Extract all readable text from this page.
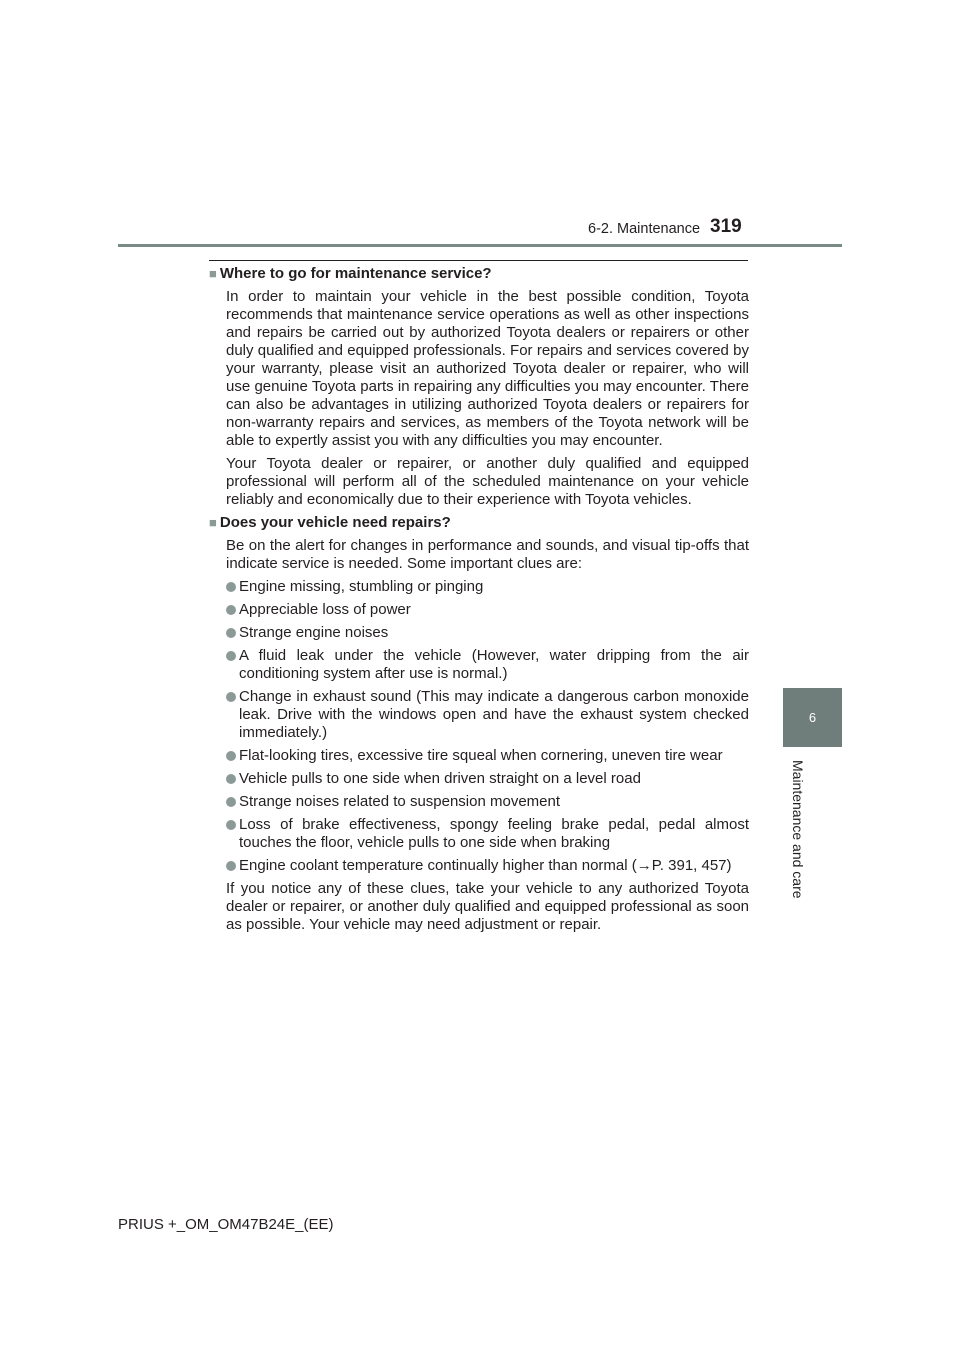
6-2. Maintenance 319
6
Maintenance and care
■ Where to go for maintenance service?

In order to maintain your vehicle in the best possible condition, Toyota recommends that maintenance service operations as well as other inspections and repairs be carried out by authorized Toyota dealers or repairers or other duly qualified and equipped professionals. For repairs and services covered by your warranty, please visit an authorized Toyota dealer or repairer, who will use genuine Toyota parts in repairing any difficulties you may encounter. There can also be advantages in utilizing authorized Toyota dealers or repairers for non-warranty repairs and services, as members of the Toyota network will be able to expertly assist you with any difficulties you may encounter.

Your Toyota dealer or repairer, or another duly qualified and equipped professional will perform all of the scheduled maintenance on your vehicle reliably and economically due to their experience with Toyota vehicles.

■ Does your vehicle need repairs?

Be on the alert for changes in performance and sounds, and visual tip-offs that indicate service is needed. Some important clues are:

Engine missing, stumbling or pinging
Appreciable loss of power
Strange engine noises
A fluid leak under the vehicle (However, water dripping from the air conditioning system after use is normal.)
Change in exhaust sound (This may indicate a dangerous carbon monoxide leak. Drive with the windows open and have the exhaust system checked immediately.)
Flat-looking tires, excessive tire squeal when cornering, uneven tire wear
Vehicle pulls to one side when driven straight on a level road
Strange noises related to suspension movement
Loss of brake effectiveness, spongy feeling brake pedal, pedal almost touches the floor, vehicle pulls to one side when braking
Engine coolant temperature continually higher than normal (→P. 391, 457)

If you notice any of these clues, take your vehicle to any authorized Toyota dealer or repairer, or another duly qualified and equipped professional as soon as possible. Your vehicle may need adjustment or repair.

PRIUS +_OM_OM47B24E_(EE)
